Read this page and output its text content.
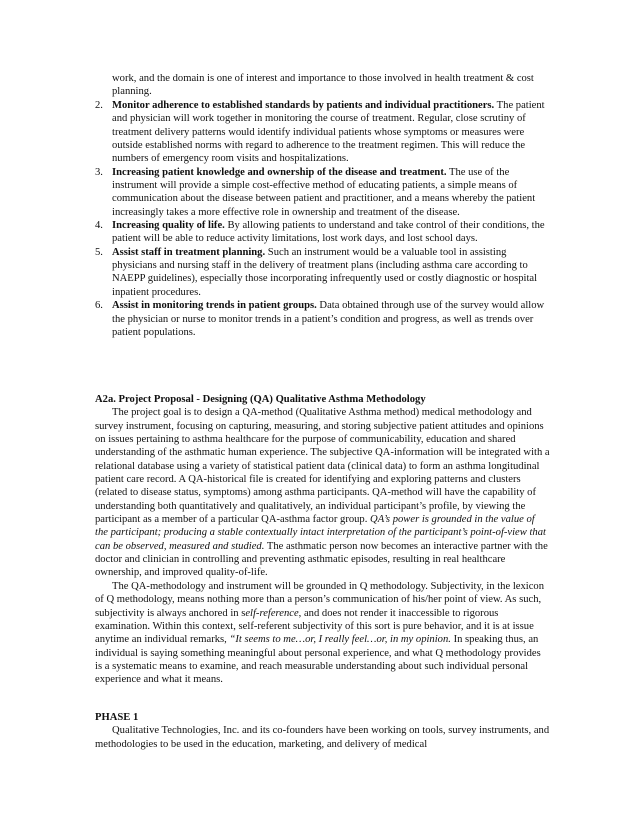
work, and the domain is one of interest and importance to those involved in health treatment & cost planning.

2. Monitor adherence to established standards by patients and individual practitioners. The patient and physician will work together in monitoring the course of treatment. Regular, close scrutiny of treatment delivery patterns would identify individual patients whose symptoms or measures were outside established norms with regard to adherence to the treatment regimen. This will reduce the numbers of emergency room visits and hospitalizations.
3. Increasing patient knowledge and ownership of the disease and treatment. The use of the instrument will provide a simple cost-effective method of educating patients, a simple means of communication about the disease between patient and practitioner, and a means whereby the patient increasingly takes a more effective role in ownership and treatment of the disease.
4. Increasing quality of life. By allowing patients to understand and take control of their conditions, the patient will be able to reduce activity limitations, lost work days, and lost school days.
5. Assist staff in treatment planning. Such an instrument would be a valuable tool in assisting physicians and nursing staff in the delivery of treatment plans (including asthma care according to NAEPP guidelines), especially those incorporating infrequently used or costly diagnostic or hospital inpatient procedures.
6. Assist in monitoring trends in patient groups. Data obtained through use of the survey would allow the physician or nurse to monitor trends in a patient’s condition and progress, as well as trends over patient populations.

A2a. Project Proposal - Designing (QA) Qualitative Asthma Methodology

The project goal is to design a QA-method (Qualitative Asthma method) medical methodology and survey instrument, focusing on capturing, measuring, and storing subjective patient attitudes and opinions on issues pertaining to asthma healthcare for the purpose of communicability, education and shared understanding of the asthmatic human experience. The subjective QA-information will be integrated with a relational database using a variety of statistical patient data (clinical data) to form an asthma longitudinal patient care record. A QA-historical file is created for identifying and exploring patterns and clusters (related to disease status, symptoms) among asthma participants. QA-method will have the capability of understanding both quantitatively and qualitatively, an individual participant’s profile, by viewing the participant as a member of a particular QA-asthma factor group. QA’s power is grounded in the value of the participant; producing a stable contextually intact interpretation of the participant’s point-of-view that can be observed, measured and studied. The asthmatic person now becomes an interactive partner with the doctor and clinician in controlling and preventing asthmatic episodes, resulting in real healthcare ownership, and improved quality-of-life.

The QA-methodology and instrument will be grounded in Q methodology. Subjectivity, in the lexicon of Q methodology, means nothing more than a person’s communication of his/her point of view. As such, subjectivity is always anchored in self-reference, and does not render it inaccessible to rigorous examination. Within this context, self-referent subjectivity of this sort is pure behavior, and it is at issue anytime an individual remarks, “It seems to me…or, I really feel…or, in my opinion. In speaking thus, an individual is saying something meaningful about personal experience, and what Q methodology provides is a systematic means to examine, and reach measurable understanding about such individual personal experience and what it means.

PHASE 1

Qualitative Technologies, Inc. and its co-founders have been working on tools, survey instruments, and methodologies to be used in the education, marketing, and delivery of medical
